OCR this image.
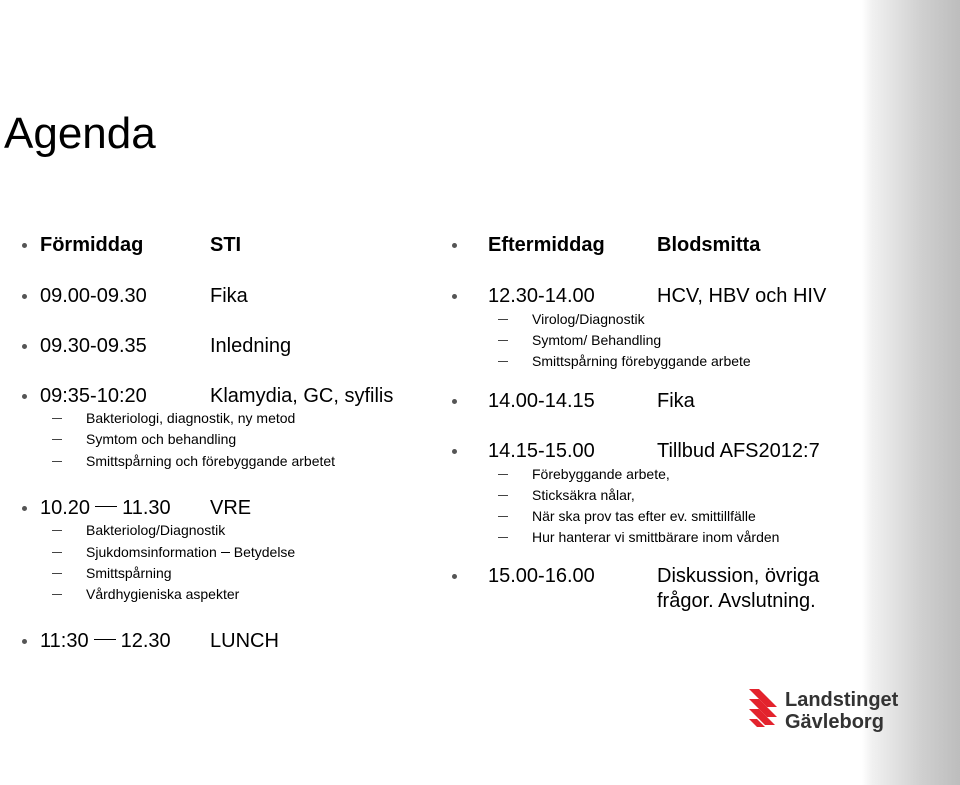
Agenda
Förmiddag	STI
09.00-09.30	Fika
09.30-09.35	Inledning
09:35-10:20	Klamydia, GC, syfilis
Bakteriologi, diagnostik, ny metod
Symtom och behandling
Smittspårning och förebyggande arbetet
10.20 11.30 VRE
Bakteriolog/Diagnostik
Sjukdomsinformation Betydelse
Smittspårning
Vårdhygieniska aspekter
11:30 12.30 LUNCH
Eftermiddag	Blodsmitta
12.30-14.00	HCV, HBV och HIV
Virolog/Diagnostik
Symtom/ Behandling
Smittspårning förebyggande arbete
14.00-14.15	Fika
14.15-15.00	Tillbud AFS2012:7
Förebyggande arbete,
Sticksäkra nålar,
När ska prov tas efter ev. smittillfälle
Hur hanterar vi smittbärare inom vården
15.00-16.00	Diskussion, övriga
frågor. Avslutning.
Landstinget
Gävleborg
